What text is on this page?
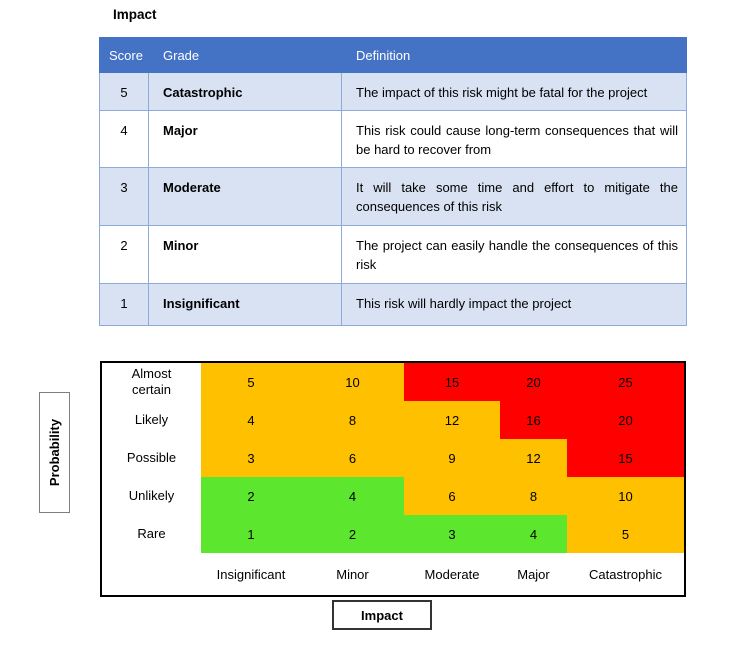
Impact
Score	Grade	Definition
5	Catastrophic	The impact of this risk might be fatal for the project
4	Major	This risk could cause long-term consequences that will be hard to recover from
3	Moderate	It will take some time and effort to mitigate the consequences of this risk
2	Minor	The project can easily handle the consequences of this risk
1	Insignificant	This risk will hardly impact the project
Probability
Almost certain	5	10	15	20	25
Likely	4	8	12	16	20
Possible	3	6	9	12	15
Unlikely	2	4	6	8	10
Rare	1	2	3	4	5
Insignificant	Minor	Moderate	Major	Catastrophic
Impact
